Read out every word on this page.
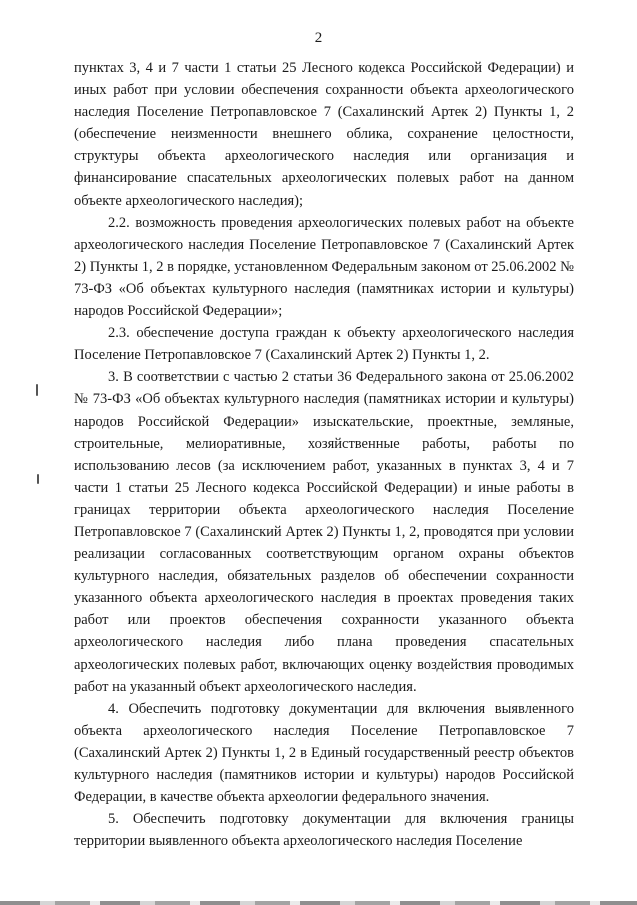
2

пунктах 3, 4 и 7 части 1 статьи 25 Лесного кодекса Российской Федерации) и иных работ при условии обеспечения сохранности объекта археологического наследия Поселение Петропавловское 7 (Сахалинский Артек 2) Пункты 1, 2 (обеспечение неизменности внешнего облика, сохранение целостности, структуры объекта археологического наследия или организация и финансирование спасательных археологических полевых работ на данном объекте археологического наследия);

2.2. возможность проведения археологических полевых работ на объекте археологического наследия Поселение Петропавловское 7 (Сахалинский Артек 2) Пункты 1, 2 в порядке, установленном Федеральным законом от 25.06.2002 № 73-ФЗ «Об объектах культурного наследия (памятниках истории и культуры) народов Российской Федерации»;

2.3. обеспечение доступа граждан к объекту археологического наследия Поселение Петропавловское 7 (Сахалинский Артек 2) Пункты 1, 2.

3. В соответствии с частью 2 статьи 36 Федерального закона от 25.06.2002 № 73-ФЗ «Об объектах культурного наследия (памятниках истории и культуры) народов Российской Федерации» изыскательские, проектные, земляные, строительные, мелиоративные, хозяйственные работы, работы по использованию лесов (за исключением работ, указанных в пунктах 3, 4 и 7 части 1 статьи 25 Лесного кодекса Российской Федерации) и иные работы в границах территории объекта археологического наследия Поселение Петропавловское 7 (Сахалинский Артек 2) Пункты 1, 2, проводятся при условии реализации согласованных соответствующим органом охраны объектов культурного наследия, обязательных разделов об обеспечении сохранности указанного объекта археологического наследия в проектах проведения таких работ или проектов обеспечения сохранности указанного объекта археологического наследия либо плана проведения спасательных археологических полевых работ, включающих оценку воздействия проводимых работ на указанный объект археологического наследия.

4. Обеспечить подготовку документации для включения выявленного объекта археологического наследия Поселение Петропавловское 7 (Сахалинский Артек 2) Пункты 1, 2 в Единый государственный реестр объектов культурного наследия (памятников истории и культуры) народов Российской Федерации, в качестве объекта археологии федерального значения.

5. Обеспечить подготовку документации для включения границы территории выявленного объекта археологического наследия Поселение
